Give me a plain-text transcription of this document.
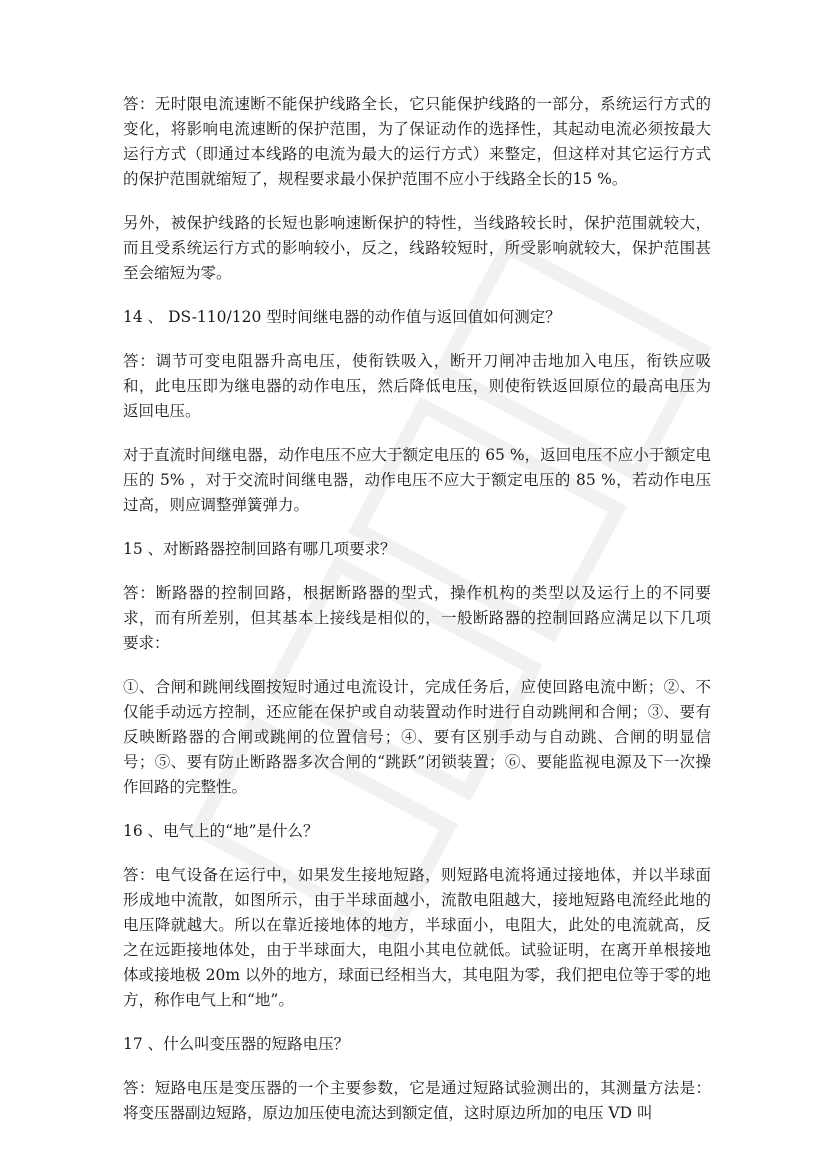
答：无时限电流速断不能保护线路全长，它只能保护线路的一部分，系统运行方式的变化，将影响电流速断的保护范围，为了保证动作的选择性，其起动电流必须按最大运行方式（即通过本线路的电流为最大的运行方式）来整定，但这样对其它运行方式的保护范围就缩短了，规程要求最小保护范围不应小于线路全长的15 %。

另外，被保护线路的长短也影响速断保护的特性，当线路较长时，保护范围就较大，而且受系统运行方式的影响较小，反之，线路较短时，所受影响就较大，保护范围甚至会缩短为零。

14 、 DS-110/120 型时间继电器的动作值与返回值如何测定？

答：调节可变电阻器升高电压，使衔铁吸入，断开刀闸冲击地加入电压，衔铁应吸和，此电压即为继电器的动作电压，然后降低电压，则使衔铁返回原位的最高电压为返回电压。

对于直流时间继电器，动作电压不应大于额定电压的 65 %，返回电压不应小于额定电压的 5% ，对于交流时间继电器，动作电压不应大于额定电压的 85 %，若动作电压过高，则应调整弹簧弹力。

15 、对断路器控制回路有哪几项要求？

答：断路器的控制回路，根据断路器的型式，操作机构的类型以及运行上的不同要求，而有所差别，但其基本上接线是相似的，一般断路器的控制回路应满足以下几项要求：

①、合闸和跳闸线圈按短时通过电流设计，完成任务后，应使回路电流中断；②、不仅能手动远方控制，还应能在保护或自动装置动作时进行自动跳闸和合闸；③、要有反映断路器的合闸或跳闸的位置信号；④、要有区别手动与自动跳、合闸的明显信号；⑤、要有防止断路器多次合闸的“跳跃”闭锁装置；⑥、要能监视电源及下一次操作回路的完整性。

16 、电气上的“地”是什么？

答：电气设备在运行中，如果发生接地短路，则短路电流将通过接地体，并以半球面形成地中流散，如图所示，由于半球面越小，流散电阻越大，接地短路电流经此地的电压降就越大。所以在靠近接地体的地方，半球面小，电阻大，此处的电流就高，反之在远距接地体处，由于半球面大，电阻小其电位就低。试验证明，在离开单根接地体或接地极 20m 以外的地方，球面已经相当大，其电阻为零，我们把电位等于零的地方，称作电气上和“地”。

17 、什么叫变压器的短路电压？

答：短路电压是变压器的一个主要参数，它是通过短路试验测出的，其测量方法是：将变压器副边短路，原边加压使电流达到额定值，这时原边所加的电压 VD 叫
